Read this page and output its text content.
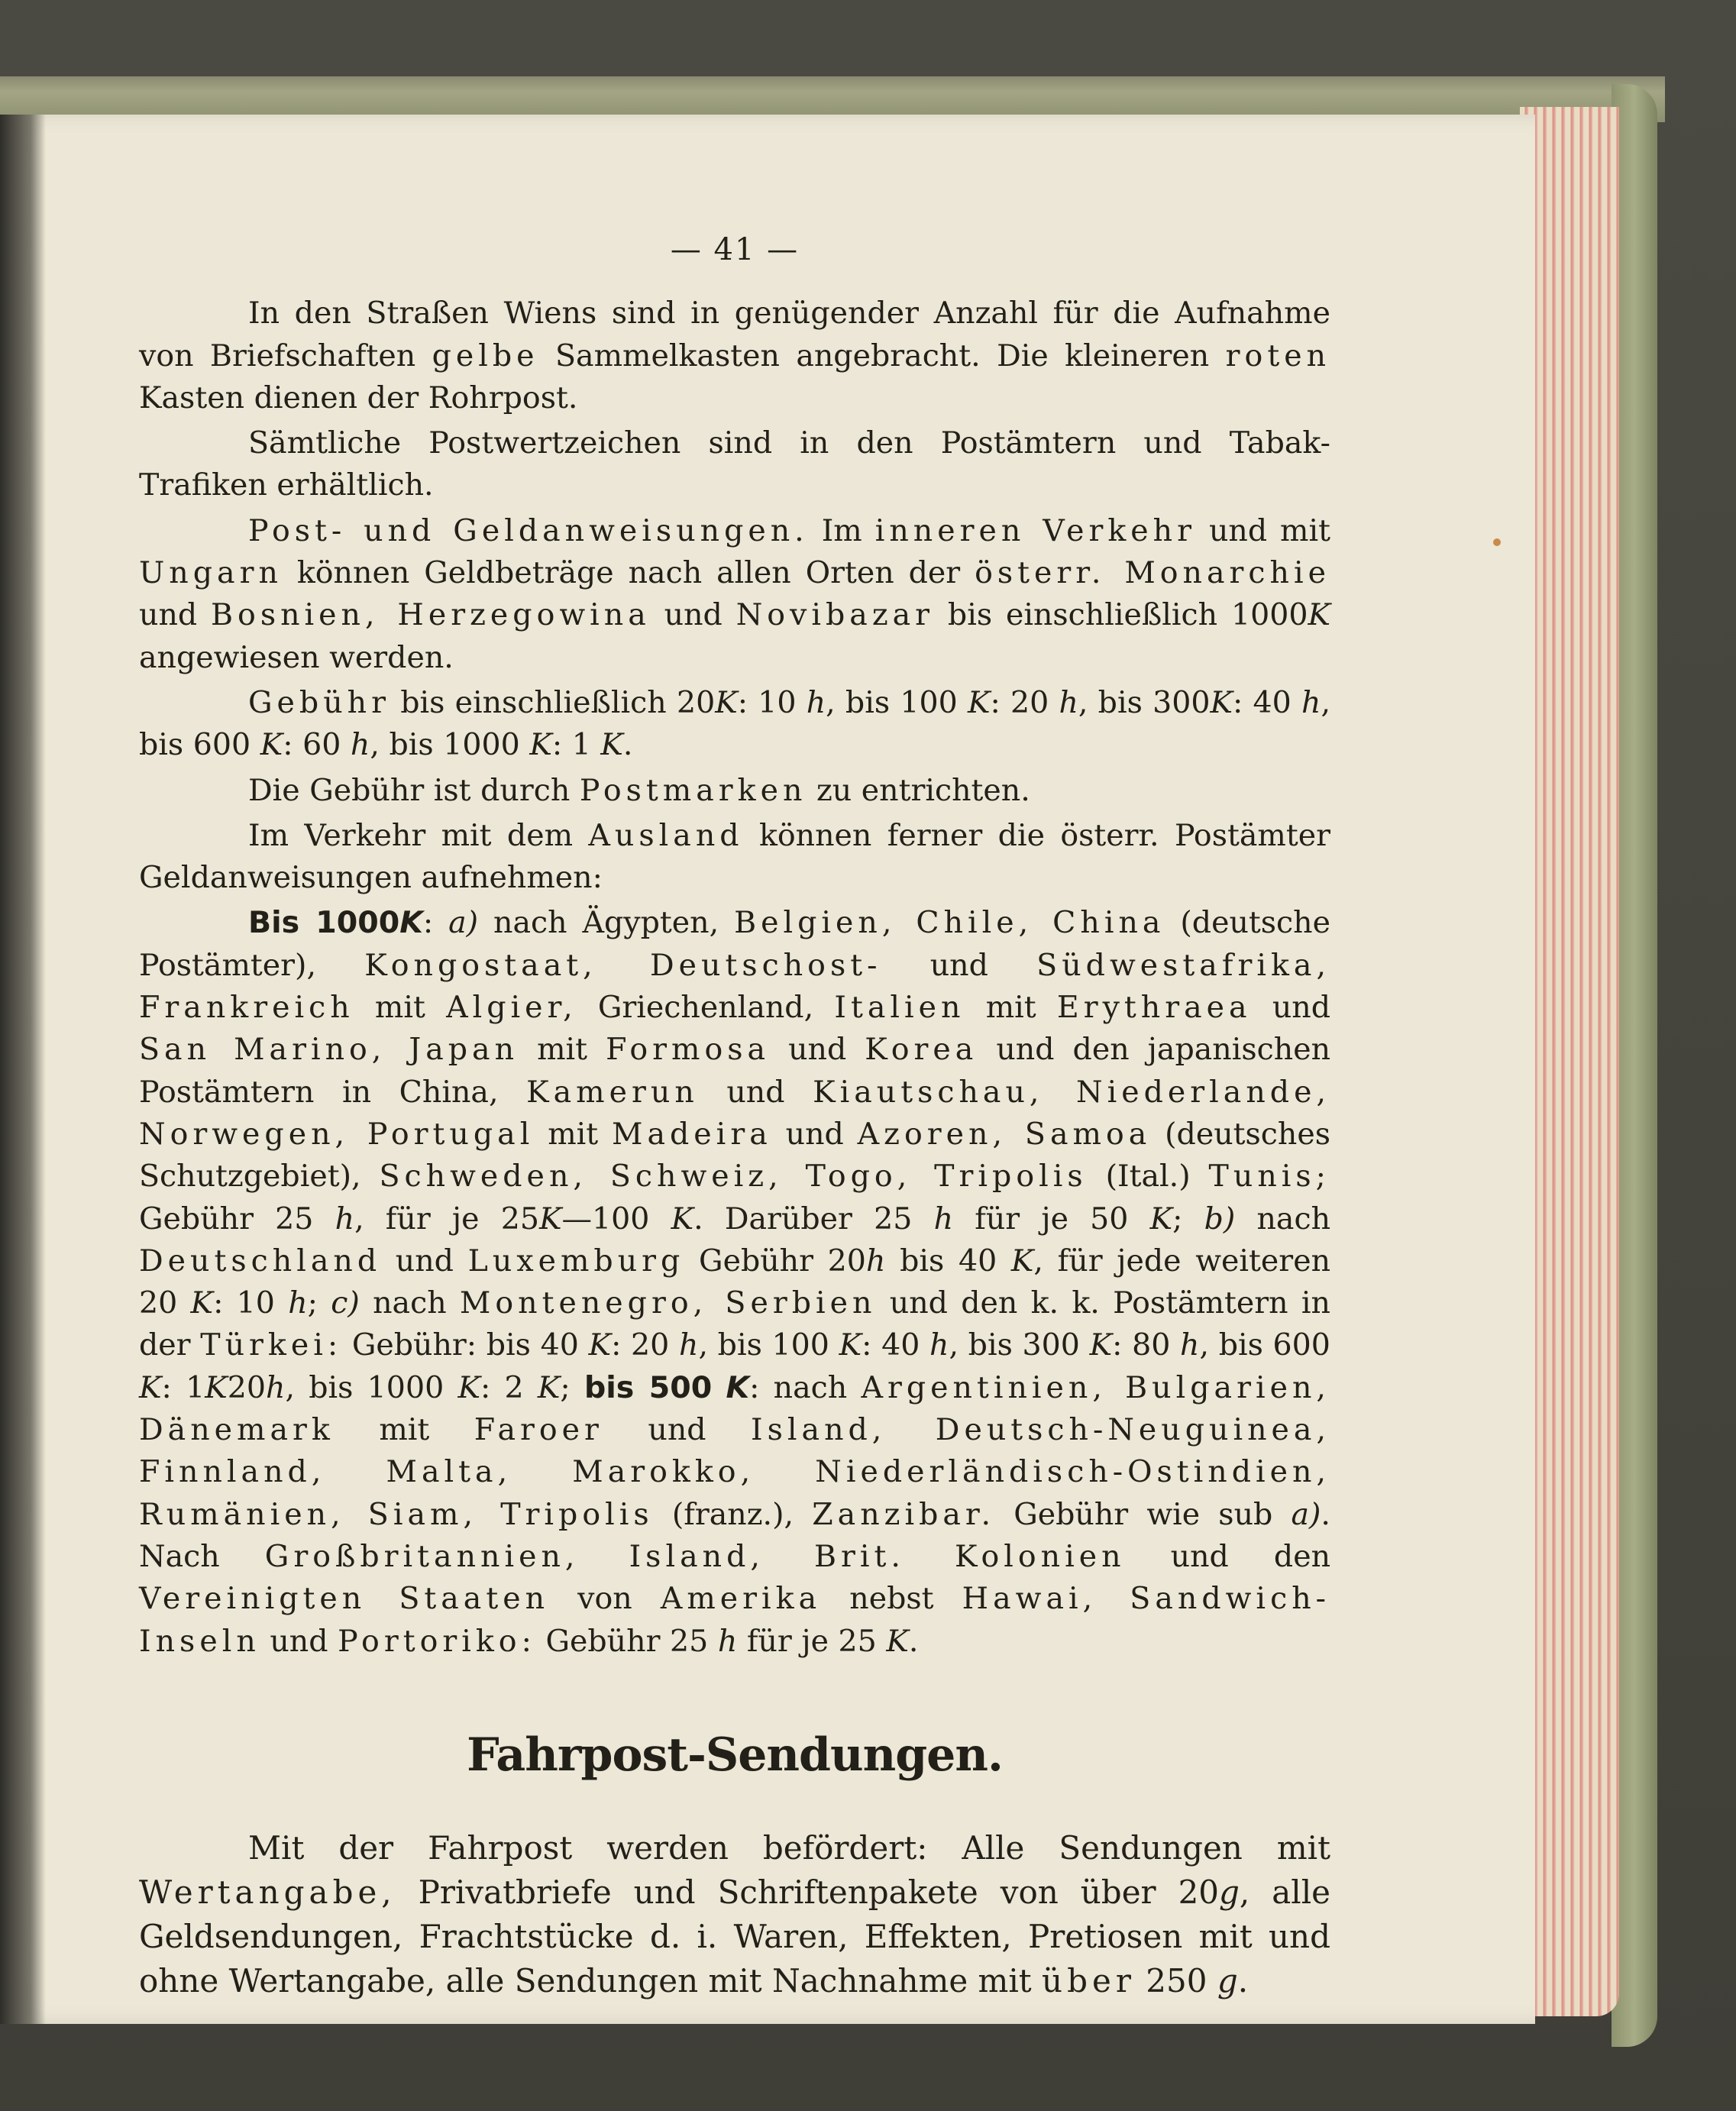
— 41 —

In den Straßen Wiens sind in genügender Anzahl für die Aufnahme von Briefschaften gelbe Sammelkasten angebracht. Die kleineren roten Kasten dienen der Rohrpost.

Sämtliche Postwertzeichen sind in den Postämtern und Tabak-Trafiken erhältlich.

Post- und Geldanweisungen. Im inneren Verkehr und mit Ungarn können Geldbeträge nach allen Orten der österr. Monarchie und Bosnien, Herzegowina und Novibazar bis einschließlich 1000K angewiesen werden.

Gebühr bis einschließlich 20K: 10 h, bis 100 K: 20 h, bis 300K: 40 h, bis 600 K: 60 h, bis 1000 K: 1 K.

Die Gebühr ist durch Postmarken zu entrichten.

Im Verkehr mit dem Ausland können ferner die österr. Postämter Geldanweisungen aufnehmen:

Bis 1000K: a) nach Ägypten, Belgien, Chile, China (deutsche Postämter), Kongostaat, Deutschost- und Südwestafrika, Frankreich mit Algier, Griechenland, Italien mit Erythraea und San Marino, Japan mit Formosa und Korea und den japanischen Postämtern in China, Kamerun und Kiautschau, Niederlande, Norwegen, Portugal mit Madeira und Azoren, Samoa (deutsches Schutzgebiet), Schweden, Schweiz, Togo, Tripolis (Ital.) Tunis; Gebühr 25 h, für je 25K—100 K. Darüber 25 h für je 50 K; b) nach Deutschland und Luxemburg Gebühr 20h bis 40 K, für jede weiteren 20 K: 10 h; c) nach Montenegro, Serbien und den k. k. Postämtern in der Türkei: Gebühr: bis 40 K: 20 h, bis 100 K: 40 h, bis 300 K: 80 h, bis 600 K: 1K20h, bis 1000 K: 2 K; bis 500 K: nach Argentinien, Bulgarien, Dänemark mit Faroer und Island, Deutsch-Neuguinea, Finnland, Malta, Marokko, Niederländisch-Ostindien, Rumänien, Siam, Tripolis (franz.), Zanzibar. Gebühr wie sub a). Nach Großbritannien, Island, Brit. Kolonien und den Vereinigten Staaten von Amerika nebst Hawai, Sandwich-Inseln und Portoriko: Gebühr 25 h für je 25 K.

Fahrpost-Sendungen.

Mit der Fahrpost werden befördert: Alle Sendungen mit Wertangabe, Privatbriefe und Schriftenpakete von über 20g, alle Geldsendungen, Frachtstücke d. i. Waren, Effekten, Pretiosen mit und ohne Wertangabe, alle Sendungen mit Nachnahme mit über 250 g.
